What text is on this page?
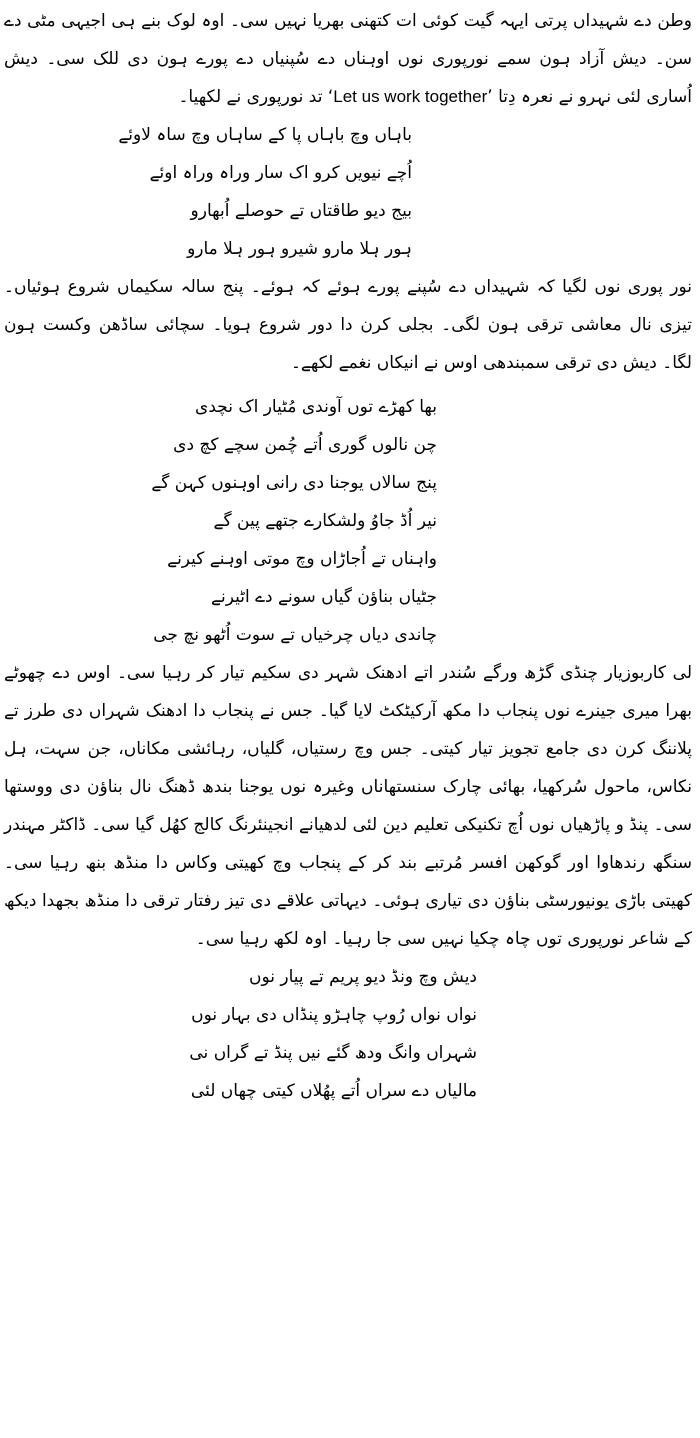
وطن دے شہیداں پرتی ایہہ گیت کوئی ات کتھنی بھریا نہیں سی۔ اوہ لوک بنے ہی اجیہی مٹی دے سن۔ دیش آزاد ہون سمے نورپوری نوں اوہناں دے سُپنیاں دے پورے ہون دی للک سی۔ دیش اُساری لئی نہرو نے نعرہ دِتا ’Let us work together‘ تد نورپوری نے لکھیا۔

باہاں وچ باہاں پا کے ساہاں وچ ساہ لاوئے
اُچے نیویں کرو اک سار وراہ وراہ اوئے
بیج دیو طاقتاں تے حوصلے اُبھارو
ہور ہلا مارو شیرو ہور ہلا مارو

نور پوری نوں لگیا کہ شہیداں دے سُپنے پورے ہوئے کہ ہوئے۔ پنج سالہ سکیماں شروع ہوئیاں۔ تیزی نال معاشی ترقی ہون لگی۔ بجلی کرن دا دور شروع ہویا۔ سچائی ساڈھن وکست ہون لگا۔ دیش دی ترقی سمبندھی اوس نے انیکاں نغمے لکھے۔

بھا کھڑے توں آوندی مُٹیار اک نچدی
چن نالوں گوری اُتے چُمن سچے کچ دی
پنج سالاں یوجنا دی رانی اوہنوں کہن گے
نیر اُڈ جاوُ ولشکارے جتھے پین گے
واہناں تے اُجاڑاں وچ موتی اوہنے کیرنے
جٹیاں بناؤن گیاں سونے دے اٹیرنے
چاندی دیاں چرخیاں تے سوت اُٹھو نچ جی

لی کاربوزیار چنڈی گڑھ ورگے سُندر اتے ادھنک شہر دی سکیم تیار کر رہیا سی۔ اوس دے چھوٹے بھرا میری جینرے نوں پنجاب دا مکھ آرکیٹکٹ لایا گیا۔ جس نے پنجاب دا ادھنک شہراں دی طرز تے پلاننگ کرن دی جامع تجویز تیار کیتی۔ جس وچ رستیاں، گلیاں، رہائشی مکاناں، جن سہت، ہل نکاس، ماحول سُرکھیا، بھائی چارک سنستھاناں وغیرہ نوں یوجنا بندھ ڈھنگ نال بناؤن دی ووستھا سی۔ پنڈ و پاڑھیاں نوں اُچ تکنیکی تعلیم دین لئی لدھیانے انجینئرنگ کالج کھُل گیا سی۔ ڈاکٹر مہندر سنگھ رندھاوا اور گوکھن افسر مُرتبے بند کر کے پنجاب وچ کھیتی وکاس دا منڈھ بنھ رہیا سی۔ کھیتی باڑی یونیورسٹی بناؤن دی تیاری ہوئی۔ دیہاتی علاقے دی تیز رفتار ترقی دا منڈھ بجھدا دیکھ کے شاعر نورپوری توں چاہ چکیا نہیں سی جا رہیا۔ اوہ لکھ رہیا سی۔

دیش وچ ونڈ دیو پریم تے پیار نوں
نواں نواں رُوپ چاہڑو پنڈاں دی بہار نوں
شہراں وانگ ودھ گئے نیں پنڈ تے گراں نی
مالیاں دے سراں اُتے پھُلاں کیتی چھاں لئی
